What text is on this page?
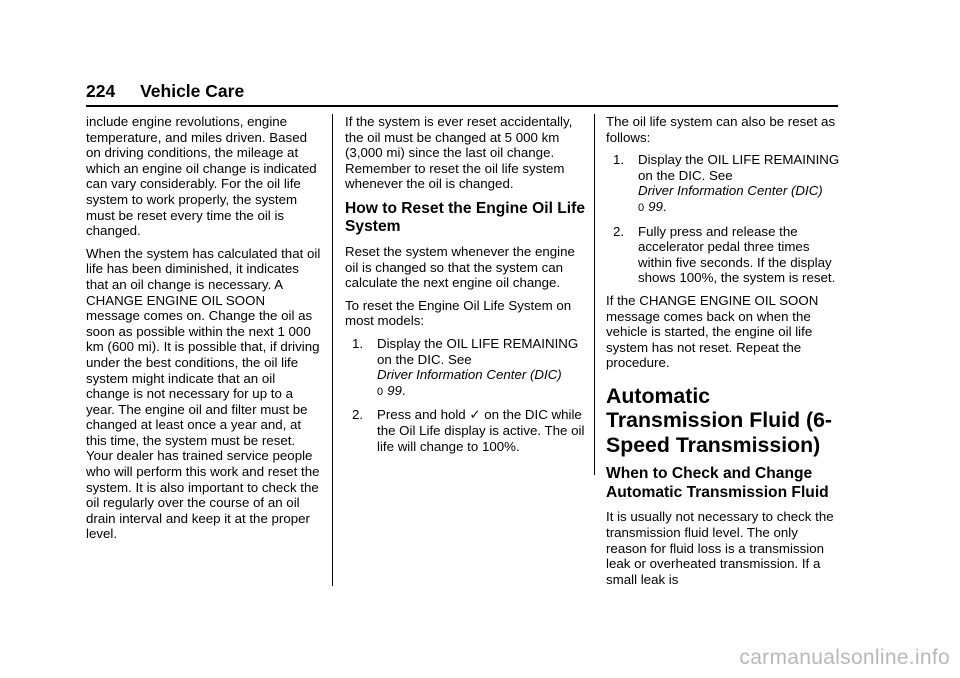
224 Vehicle Care

include engine revolutions, engine temperature, and miles driven. Based on driving conditions, the mileage at which an engine oil change is indicated can vary considerably. For the oil life system to work properly, the system must be reset every time the oil is changed.

When the system has calculated that oil life has been diminished, it indicates that an oil change is necessary. A CHANGE ENGINE OIL SOON message comes on. Change the oil as soon as possible within the next 1 000 km (600 mi). It is possible that, if driving under the best conditions, the oil life system might indicate that an oil change is not necessary for up to a year. The engine oil and filter must be changed at least once a year and, at this time, the system must be reset. Your dealer has trained service people who will perform this work and reset the system. It is also important to check the oil regularly over the course of an oil drain interval and keep it at the proper level.

If the system is ever reset accidentally, the oil must be changed at 5 000 km (3,000 mi) since the last oil change. Remember to reset the oil life system whenever the oil is changed.

How to Reset the Engine Oil Life System

Reset the system whenever the engine oil is changed so that the system can calculate the next engine oil change.

To reset the Engine Oil Life System on most models:

1. Display the OIL LIFE REMAINING on the DIC. See
Driver Information Center (DIC)
0 99.
2. Press and hold ✓ on the DIC while the Oil Life display is active. The oil life will change to 100%.

The oil life system can also be reset as follows:

1. Display the OIL LIFE REMAINING on the DIC. See
Driver Information Center (DIC)
0 99.
2. Fully press and release the accelerator pedal three times within five seconds. If the display shows 100%, the system is reset.

If the CHANGE ENGINE OIL SOON message comes back on when the vehicle is started, the engine oil life system has not reset. Repeat the procedure.

Automatic Transmission Fluid (6-Speed Transmission)
When to Check and Change Automatic Transmission Fluid

It is usually not necessary to check the transmission fluid level. The only reason for fluid loss is a transmission leak or overheated transmission. If a small leak is

carmanualsonline.info
